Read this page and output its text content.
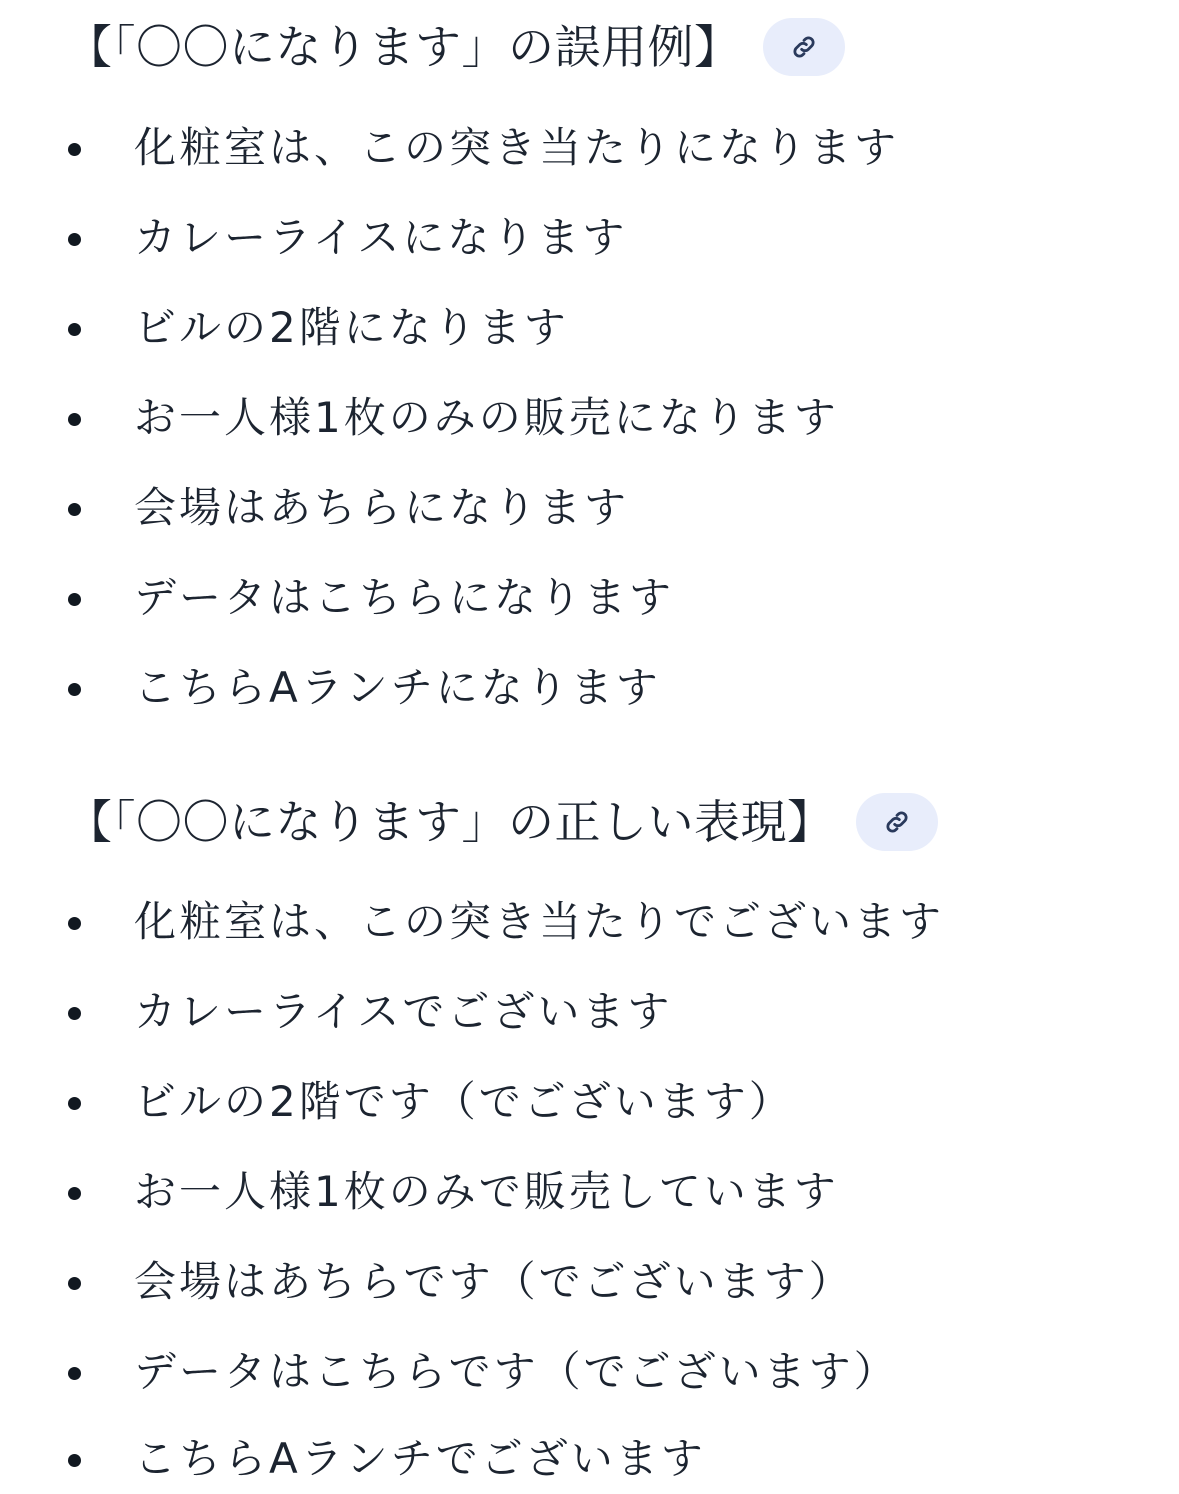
【「〇〇になります」の誤用例】
化粧室は、この突き当たりになります
カレーライスになります
ビルの2階になります
お一人様1枚のみの販売になります
会場はあちらになります
データはこちらになります
こちらAランチになります
【「〇〇になります」の正しい表現】
化粧室は、この突き当たりでございます
カレーライスでございます
ビルの2階です（でございます）
お一人様1枚のみで販売しています
会場はあちらです（でございます）
データはこちらです（でございます）
こちらAランチでございます
